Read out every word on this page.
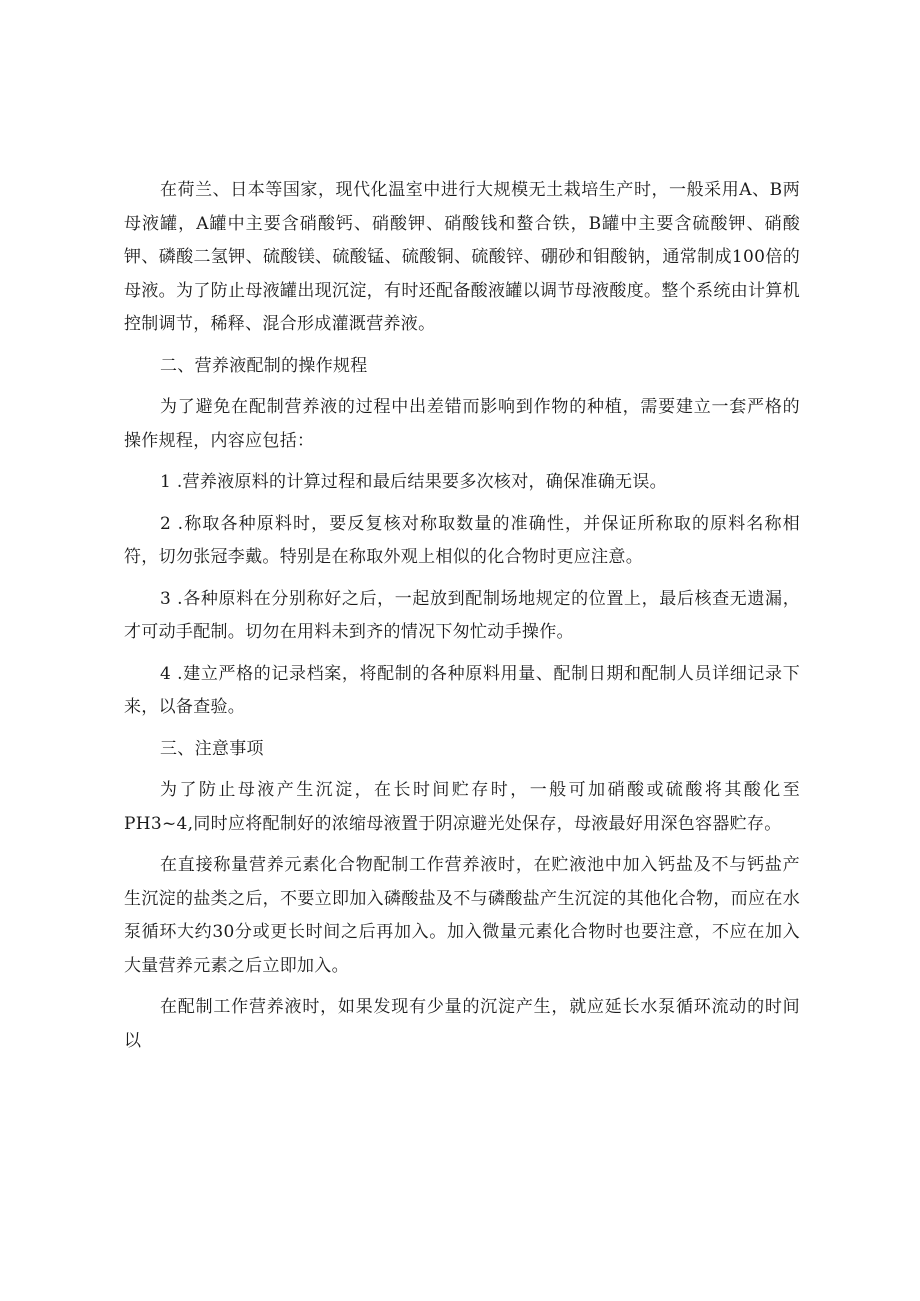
在荷兰、日本等国家，现代化温室中进行大规模无土栽培生产时，一般采用A、B两母液罐，A罐中主要含硝酸钙、硝酸钾、硝酸钱和螯合铁，B罐中主要含硫酸钾、硝酸钾、磷酸二氢钾、硫酸镁、硫酸锰、硫酸铜、硫酸锌、硼砂和钼酸钠，通常制成100倍的母液。为了防止母液罐出现沉淀，有时还配备酸液罐以调节母液酸度。整个系统由计算机控制调节，稀释、混合形成灌溉营养液。

二、营养液配制的操作规程

为了避免在配制营养液的过程中出差错而影响到作物的种植，需要建立一套严格的操作规程，内容应包括：

1 .营养液原料的计算过程和最后结果要多次核对，确保准确无误。

2 .称取各种原料时，要反复核对称取数量的准确性，并保证所称取的原料名称相符，切勿张冠李戴。特别是在称取外观上相似的化合物时更应注意。

3 .各种原料在分别称好之后，一起放到配制场地规定的位置上，最后核查无遗漏，才可动手配制。切勿在用料未到齐的情况下匆忙动手操作。

4 .建立严格的记录档案，将配制的各种原料用量、配制日期和配制人员详细记录下来，以备查验。

三、注意事项

为了防止母液产生沉淀，在长时间贮存时，一般可加硝酸或硫酸将其酸化至PH3~4,同时应将配制好的浓缩母液置于阴凉避光处保存，母液最好用深色容器贮存。

在直接称量营养元素化合物配制工作营养液时，在贮液池中加入钙盐及不与钙盐产生沉淀的盐类之后，不要立即加入磷酸盐及不与磷酸盐产生沉淀的其他化合物，而应在水泵循环大约30分或更长时间之后再加入。加入微量元素化合物时也要注意，不应在加入大量营养元素之后立即加入。

在配制工作营养液时，如果发现有少量的沉淀产生，就应延长水泵循环流动的时间以
